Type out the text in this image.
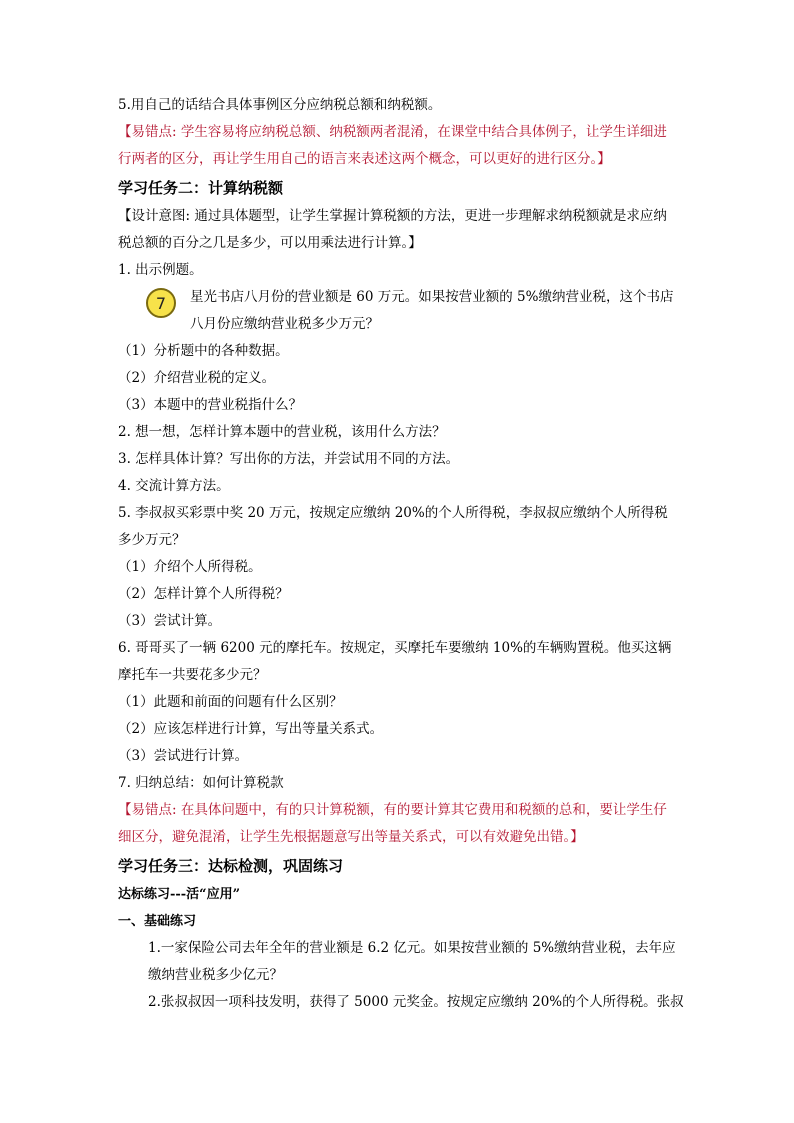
5.用自己的话结合具体事例区分应纳税总额和纳税额。
【易错点: 学生容易将应纳税总额、纳税额两者混淆，在课堂中结合具体例子，让学生详细进行两者的区分，再让学生用自己的语言来表述这两个概念，可以更好的进行区分。】
学习任务二：计算纳税额
【设计意图: 通过具体题型，让学生掌握计算税额的方法，更进一步理解求纳税额就是求应纳税总额的百分之几是多少，可以用乘法进行计算。】
1. 出示例题。
7	星光书店八月份的营业额是 60 万元。如果按营业额的 5%缴纳营业税，这个书店八月份应缴纳营业税多少万元？
（1）分析题中的各种数据。
（2）介绍营业税的定义。
（3）本题中的营业税指什么？
2. 想一想，怎样计算本题中的营业税，该用什么方法？
3. 怎样具体计算？写出你的方法，并尝试用不同的方法。
4. 交流计算方法。
5. 李叔叔买彩票中奖 20 万元，按规定应缴纳 20%的个人所得税，李叔叔应缴纳个人所得税多少万元？
（1）介绍个人所得税。
（2）怎样计算个人所得税？
（3）尝试计算。
6. 哥哥买了一辆 6200 元的摩托车。按规定，买摩托车要缴纳 10%的车辆购置税。他买这辆摩托车一共要花多少元？
（1）此题和前面的问题有什么区别？
（2）应该怎样进行计算，写出等量关系式。
（3）尝试进行计算。
7. 归纳总结：如何计算税款
【易错点: 在具体问题中，有的只计算税额，有的要计算其它费用和税额的总和，要让学生仔细区分，避免混淆，让学生先根据题意写出等量关系式，可以有效避免出错。】
学习任务三：达标检测，巩固练习
达标练习---活“应用”
一、基础练习
1.一家保险公司去年全年的营业额是 6.2 亿元。如果按营业额的 5%缴纳营业税，去年应缴纳营业税多少亿元？
2.张叔叔因一项科技发明，获得了 5000 元奖金。按规定应缴纳 20%的个人所得税。张叔
